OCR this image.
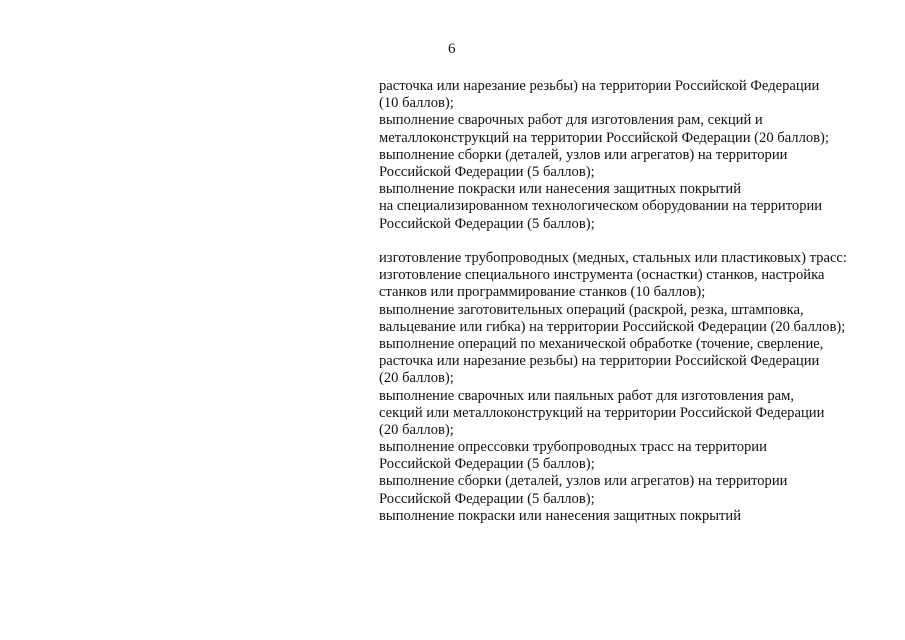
6
расточка или нарезание резьбы) на территории Российской Федерации
(10 баллов);
выполнение сварочных работ для изготовления рам, секций и
металлоконструкций на территории Российской Федерации (20 баллов);
выполнение сборки (деталей, узлов или агрегатов) на территории
Российской Федерации (5 баллов);
выполнение покраски или нанесения защитных покрытий
на специализированном технологическом оборудовании на территории
Российской Федерации (5 баллов);
изготовление трубопроводных (медных, стальных или пластиковых) трасс:
изготовление специального инструмента (оснастки) станков, настройка
станков или программирование станков (10 баллов);
выполнение заготовительных операций (раскрой, резка, штамповка,
вальцевание или гибка) на территории Российской Федерации (20 баллов);
выполнение операций по механической обработке (точение, сверление,
расточка или нарезание резьбы) на территории Российской Федерации
(20 баллов);
выполнение сварочных или паяльных работ для изготовления рам,
секций или металлоконструкций на территории Российской Федерации
(20 баллов);
выполнение опрессовки трубопроводных трасс на территории
Российской Федерации (5 баллов);
выполнение сборки (деталей, узлов или агрегатов) на территории
Российской Федерации (5 баллов);
выполнение покраски или нанесения защитных покрытий
